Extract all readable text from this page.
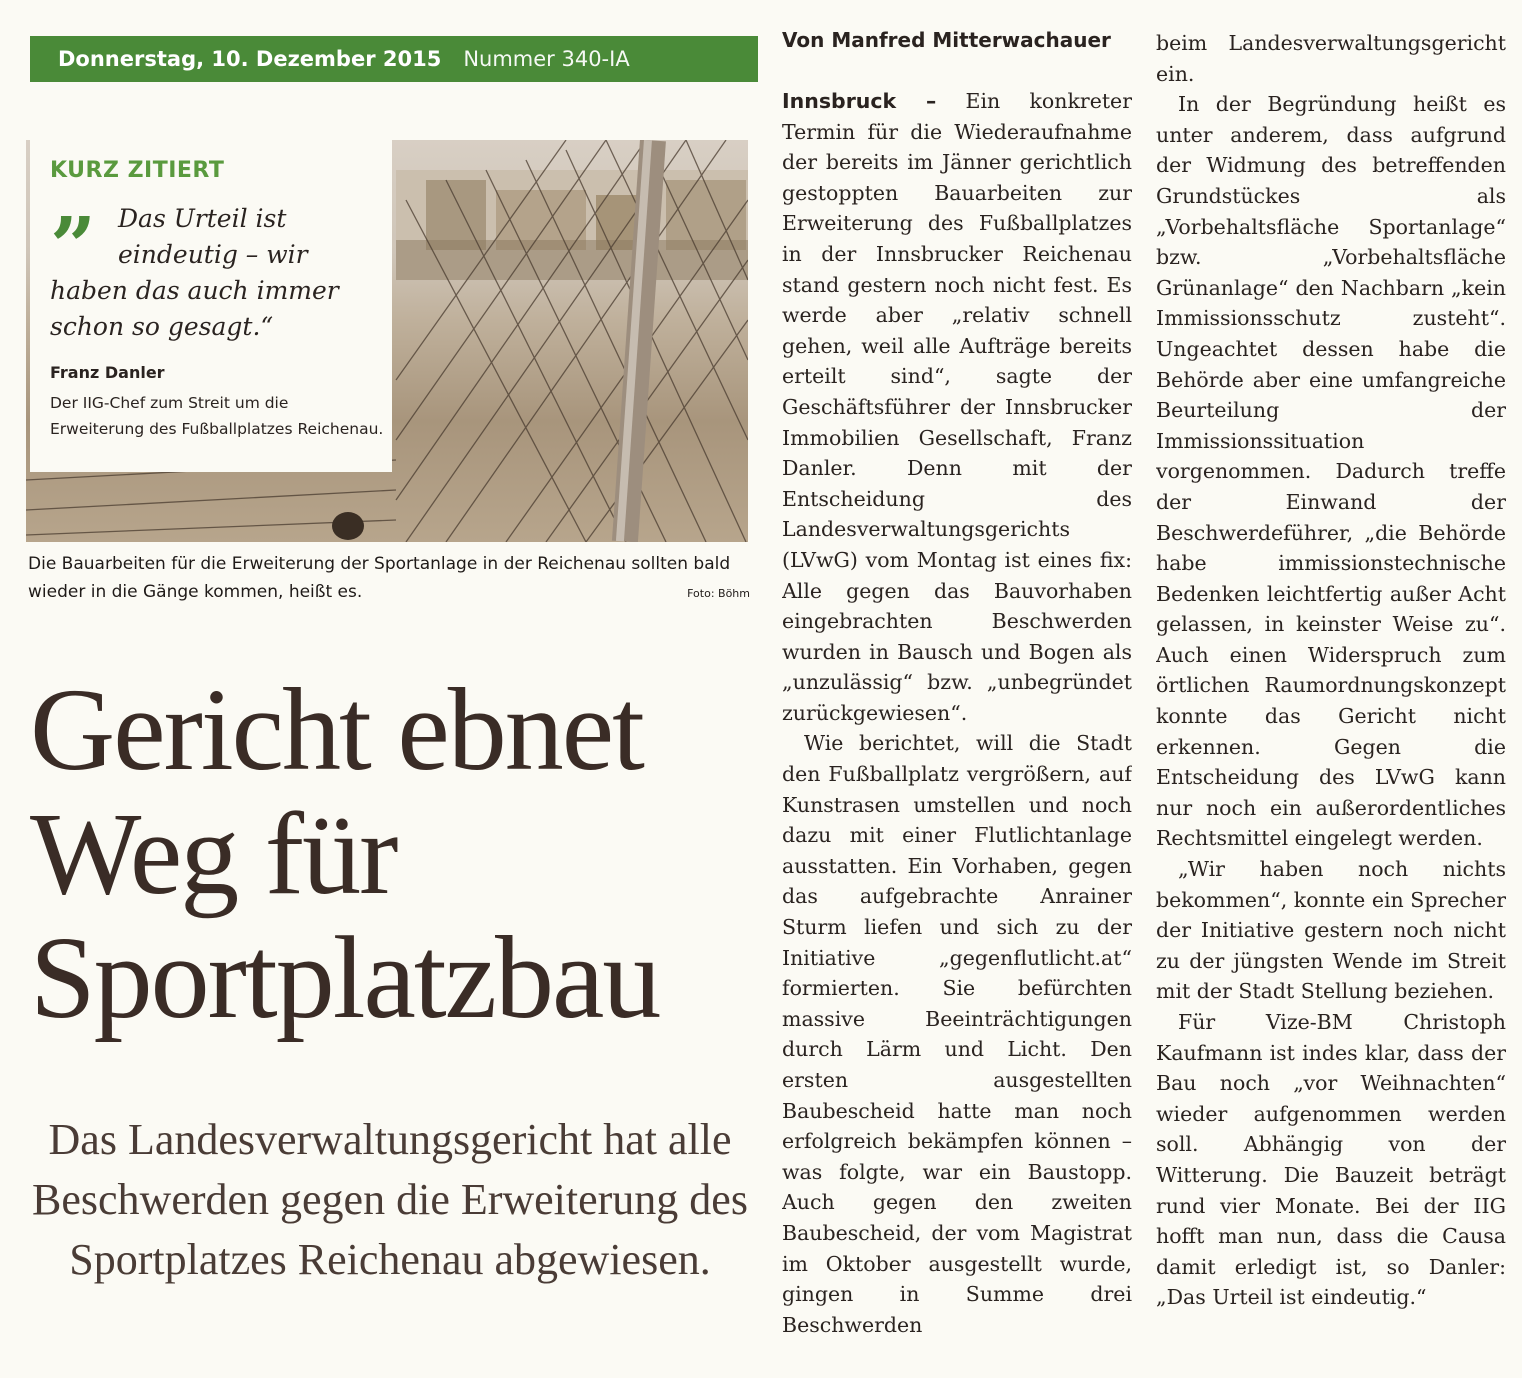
Donnerstag, 10. Dezember 2015 Nummer 340-IA
KURZ ZITIERT
” Das Urteil ist
eindeutig – wir
haben das auch immer schon so gesagt.“
Franz Danler
Der IIG-Chef zum Streit um die Erweiterung des Fußballplatzes Reichenau.
Die Bauarbeiten für die Erweiterung der Sportanlage in der Reichenau sollten bald wieder in die Gänge kommen, heißt es.	Foto: Böhm
Gericht ebnet
Weg für
Sportplatzbau
Das Landesverwaltungsgericht hat alle Beschwerden gegen die Erweiterung des Sportplatzes Reichenau abgewiesen.
Von Manfred Mitterwachauer

Innsbruck – Ein konkreter Termin für die Wiederaufnahme der bereits im Jänner gerichtlich gestoppten Bauarbeiten zur Erweiterung des Fußballplatzes in der Innsbrucker Reichenau stand gestern noch nicht fest. Es werde aber „relativ schnell gehen, weil alle Aufträge bereits erteilt sind“, sagte der Geschäftsführer der Innsbrucker Immobilien Gesellschaft, Franz Danler. Denn mit der Entscheidung des Landesverwaltungsgerichts (LVwG) vom Montag ist eines fix: Alle gegen das Bauvorhaben eingebrachten Beschwerden wurden in Bausch und Bogen als „unzulässig“ bzw. „unbegründet zurückgewiesen“.

Wie berichtet, will die Stadt den Fußballplatz vergrößern, auf Kunstrasen umstellen und noch dazu mit einer Flutlichtanlage ausstatten. Ein Vorhaben, gegen das aufgebrachte Anrainer Sturm liefen und sich zu der Initiative „gegenflutlicht.at“ formierten. Sie befürchten massive Beeinträchtigungen durch Lärm und Licht. Den ersten ausgestellten Baubescheid hatte man noch erfolgreich bekämpfen können – was folgte, war ein Baustopp. Auch gegen den zweiten Baubescheid, der vom Magistrat im Oktober ausgestellt wurde, gingen in Summe drei Beschwerden

beim Landesverwaltungsgericht ein.

In der Begründung heißt es unter anderem, dass aufgrund der Widmung des betreffenden Grundstückes als „Vorbehaltsfläche Sportanlage“ bzw. „Vorbehaltsfläche Grünanlage“ den Nachbarn „kein Immissionsschutz zusteht“. Ungeachtet dessen habe die Behörde aber eine umfangreiche Beurteilung der Immissionssituation vorgenommen. Dadurch treffe der Einwand der Beschwerdeführer, „die Behörde habe immissionstechnische Bedenken leichtfertig außer Acht gelassen, in keinster Weise zu“. Auch einen Widerspruch zum örtlichen Raumordnungskonzept konnte das Gericht nicht erkennen. Gegen die Entscheidung des LVwG kann nur noch ein außerordentliches Rechtsmittel eingelegt werden.

„Wir haben noch nichts bekommen“, konnte ein Sprecher der Initiative gestern noch nicht zu der jüngsten Wende im Streit mit der Stadt Stellung beziehen.

Für Vize-BM Christoph Kaufmann ist indes klar, dass der Bau noch „vor Weihnachten“ wieder aufgenommen werden soll. Abhängig von der Witterung. Die Bauzeit beträgt rund vier Monate. Bei der IIG hofft man nun, dass die Causa damit erledigt ist, so Danler: „Das Urteil ist eindeutig.“
